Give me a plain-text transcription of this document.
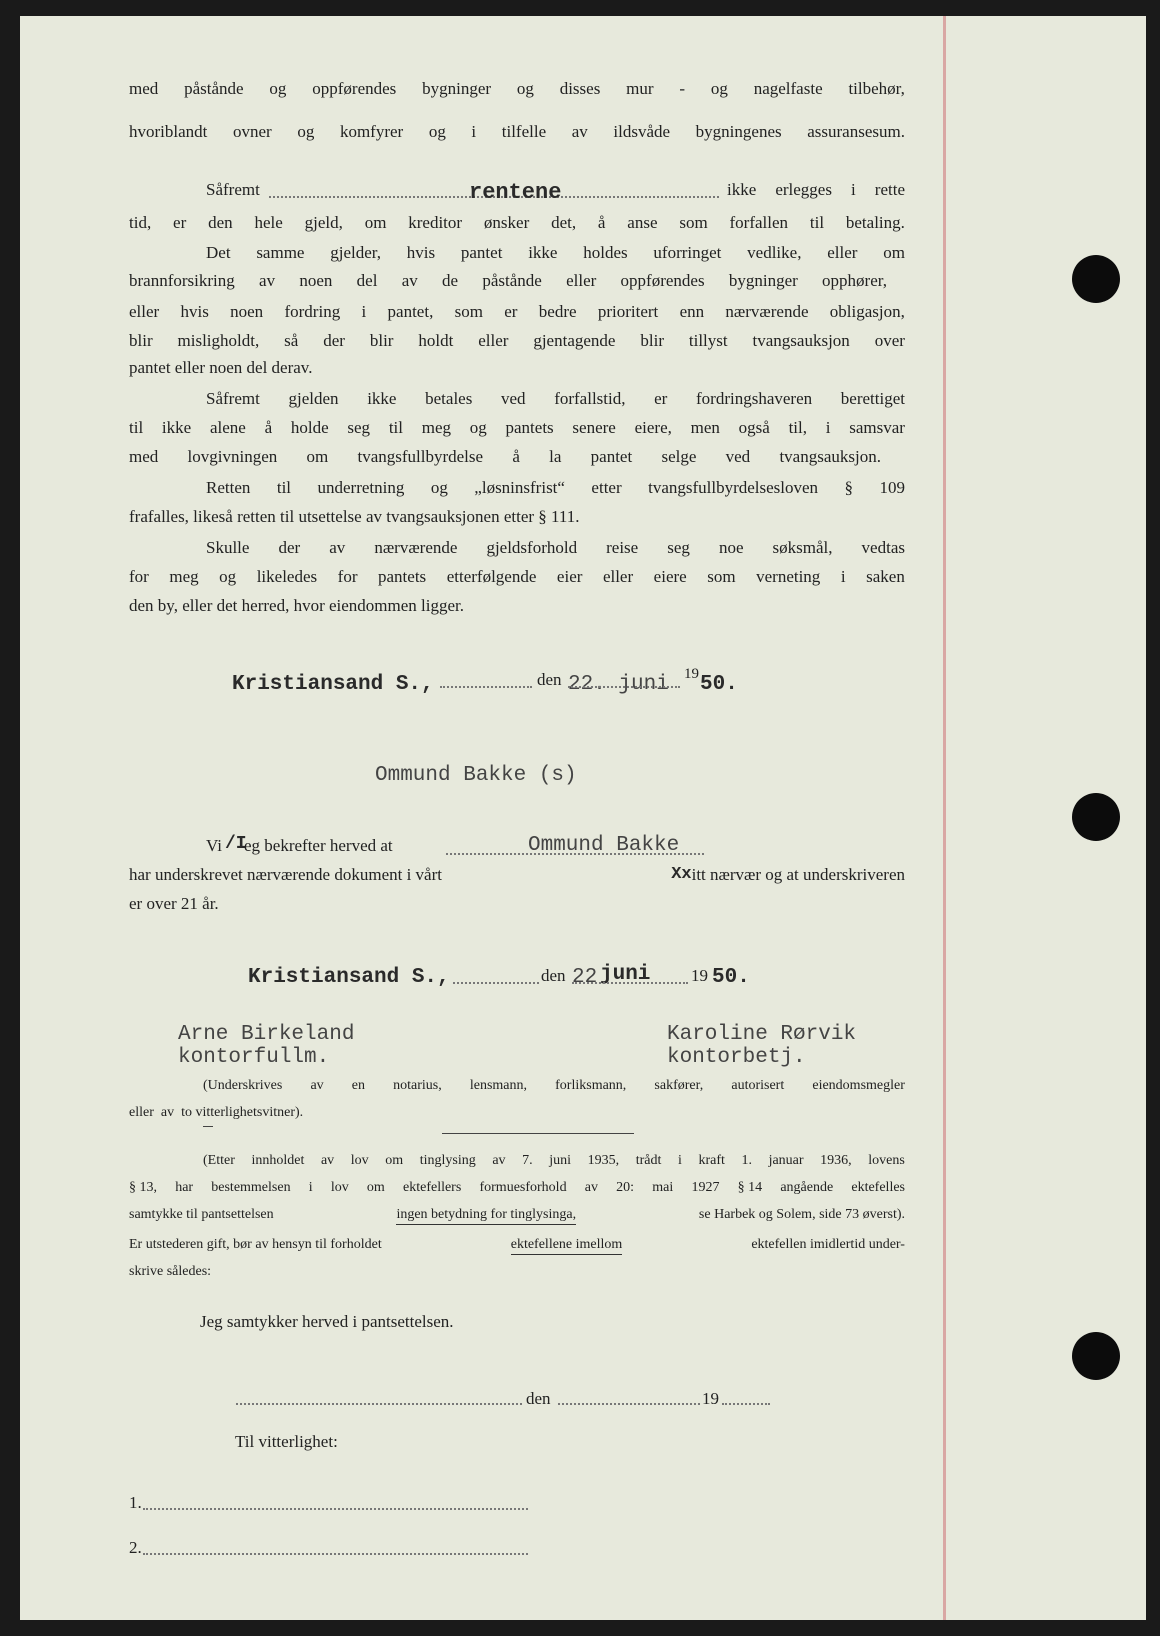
med påstånde og oppførendes bygninger og disses mur - og nagelfaste tilbehør,
hvoriblandt ovner og komfyrer og i tilfelle av ildsvåde bygningenes assuransesum.
Såfremt	rentene	ikke erlegges i rette
tid, er den hele gjeld, om kreditor ønsker det, å anse som forfallen til betaling.
Det samme gjelder, hvis pantet ikke holdes uforringet vedlike, eller om
brannforsikring av noen del av de påstånde eller oppførendes bygninger opphører,
eller hvis noen fordring i pantet, som er bedre prioritert enn nærværende obligasjon,
blir misligholdt, så der blir holdt eller gjentagende blir tillyst tvangsauksjon over
pantet eller noen del derav.
Såfremt gjelden ikke betales ved forfallstid, er fordringshaveren berettiget
til ikke alene å holde seg til meg og pantets senere eiere, men også til, i samsvar
med lovgivningen om tvangsfullbyrdelse å la pantet selge ved tvangsauksjon.
Retten til underretning og „løsninsfrist“ etter tvangsfullbyrdelsesloven § 109
frafalles, likeså retten til utsettelse av tvangsauksjonen etter § 111.
Skulle der av nærværende gjeldsforhold reise seg noe søksmål, vedtas
for meg og likeledes for pantets etterfølgende eier eller eiere som verneting i saken
den by, eller det herred, hvor eiendommen ligger.
Kristiansand S.,	den 22. juni 19 50.
Ommund Bakke (s)
Vi /I
eg bekrefter herved at	Ommund Bakke
har underskrevet nærværende dokument i vårt	Xx itt nærvær og at underskriveren
er over 21 år.
Kristiansand S.,	den 22 juni 19 50.
Arne Birkeland
kontorfullm.
Karoline Rørvik
kontorbetj.
(Underskrives av en notarius, lensmann, forliksmann, sakfører, autorisert eiendomsmegler
eller  av  to vitterlighetsvitner).
(Etter innholdet av lov om tinglysing av 7. juni 1935, trådt i kraft 1. januar 1936, lovens
§ 13, har bestemmelsen i lov om ektefellers formuesforhold av 20: mai 1927 § 14 angående ektefelles
samtykke til pantsettelsen	ingen betydning for tinglysinga,	se Harbek og Solem, side 73 øverst).
Er utstederen gift, bør av hensyn til forholdet	ektefellene imellom	ektefellen imidlertid under-
skrive således:
Jeg samtykker herved i pantsettelsen.
den	19
Til vitterlighet:
1.
2.
